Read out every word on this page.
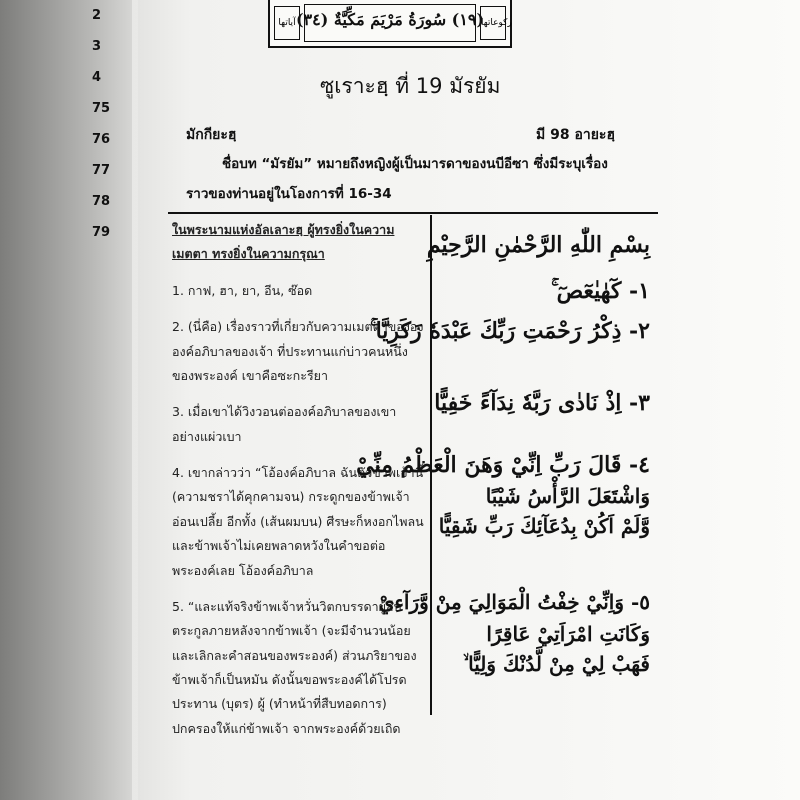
2
3
4
75
76
77
78
79
آياتها (١٩) سُورَةُ مَرْيَمَ مَكِّيَّةٌ (٣٤)
ركوعاتها
ซูเราะฮฺ ที่ 19 มัรยัม
มักกียะฮฺ	มี 98 อายะฮฺ
ชื่อบท “มัรยัม” หมายถึงหญิงผู้เป็นมารดาของนบีอีซา ซึ่งมีระบุเรื่อง
ราวของท่านอยู่ในโองการที่ 16-34
ในพระนามแห่งอัลเลาะฮฺ ผู้ทรงยิ่งในความเมตตา ทรงยิ่งในความกรุณา
1. กาฟ, ฮา, ยา, อีน, ซ๊อด
2. (นี่คือ) เรื่องราวที่เกี่ยวกับความเมตตาของององค์อภิบาลของเจ้า ที่ประทานแก่บ่าวคนหนึ่งของพระองค์ เขาคือซะกะรียา
3. เมื่อเขาได้วิงวอนต่อองค์อภิบาลของเขาอย่างแผ่วเบา
4. เขากล่าวว่า “โอ้องค์อภิบาล ฉันตัวข้าพเจ้านี้ (ความชราได้คุกคามจน) กระดูกของข้าพเจ้าอ่อนเปลี้ย อีกทั้ง (เส้นผมบน) ศีรษะก็หงอกไพลน และข้าพเจ้าไม่เคยพลาดหวังในคำขอต่อพระองค์เลย โอ้องค์อภิบาล
5. “และแท้จริงข้าพเจ้าหวั่นวิตกบรรดาผู้สืบตระกูลภายหลังจากข้าพเจ้า (จะมีจำนวนน้อย และเลิกละคำสอนของพระองค์) ส่วนภริยาของข้าพเจ้าก็เป็นหมัน ดังนั้นขอพระองค์ได้โปรดประทาน (บุตร) ผู้ (ทำหน้าที่สืบทอดการ) ปกครองให้แก่ข้าพเจ้า จากพระองค์ด้วยเถิด
بِسْمِ اللّٰهِ الرَّحْمٰنِ الرَّحِيْمِ
١- كٓهٰيٰعٓصٓ ۚ
٢- ذِكْرُ رَحْمَتِ رَبِّكَ عَبْدَهٗ زَكَرِيَّا ۚ
٣- اِذْ نَادٰى رَبَّهٗ نِدَآءً خَفِيًّا
٤- قَالَ رَبِّ اِنِّيْ وَهَنَ الْعَظْمُ مِنِّيْ
وَاشْتَعَلَ الرَّأْسُ شَيْبًا
وَّلَمْ اَكُنْ بِدُعَآئِكَ رَبِّ شَقِيًّا
٥- وَاِنِّيْ خِفْتُ الْمَوَالِيَ مِنْ وَّرَآءِيْ
وَكَانَتِ امْرَاَتِيْ عَاقِرًا
فَهَبْ لِيْ مِنْ لَّدُنْكَ وَلِيًّا ۙ
